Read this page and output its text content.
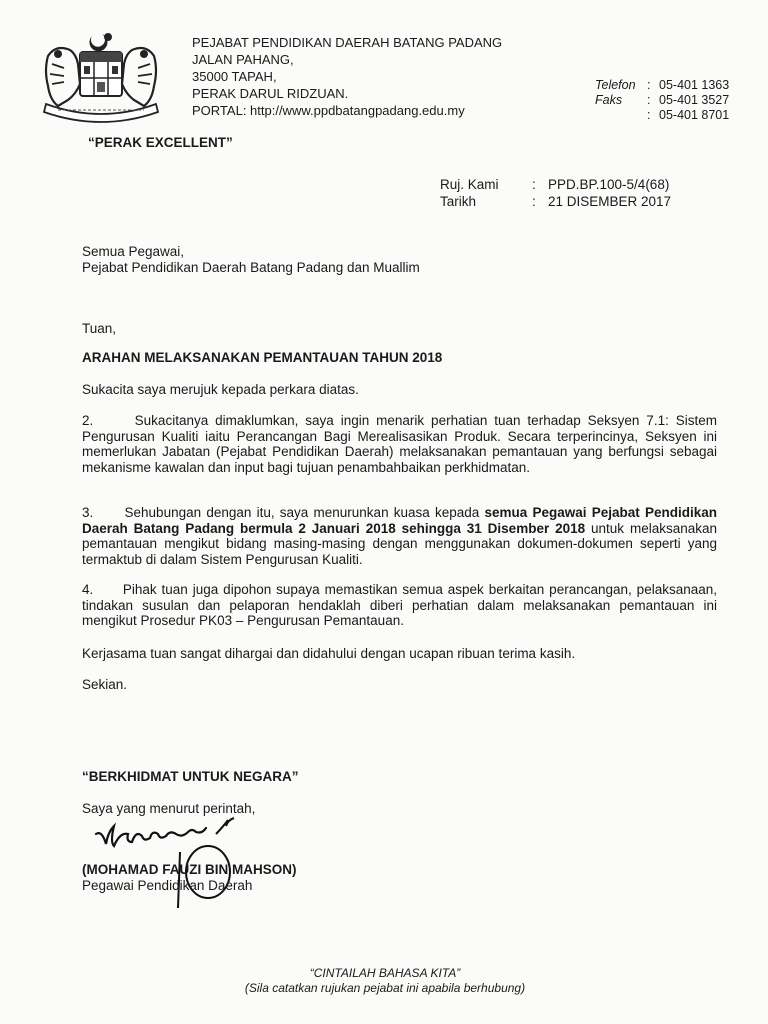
PEJABAT PENDIDIKAN DAERAH BATANG PADANG
JALAN PAHANG,
35000 TAPAH,
PERAK DARUL RIDZUAN.
PORTAL: http://www.ppdbatangpadang.edu.my
Telefon : 05-401 1363
Faks	: 05-401 3527
: 05-401 8701
“PERAK EXCELLENT”
Ruj. Kami	: PPD.BP.100-5/4(68)
Tarikh	: 21 DISEMBER 2017
Semua Pegawai,
Pejabat Pendidikan Daerah Batang Padang dan Muallim
Tuan,
ARAHAN MELAKSANAKAN PEMANTAUAN TAHUN 2018
Sukacita saya merujuk kepada perkara diatas.
2.      Sukacitanya dimaklumkan, saya ingin menarik perhatian tuan terhadap Seksyen 7.1: Sistem Pengurusan Kualiti iaitu Perancangan Bagi Merealisasikan Produk. Secara terperincinya, Seksyen ini memerlukan Jabatan (Pejabat Pendidikan Daerah) melaksanakan pemantauan yang berfungsi sebagai mekanisme kawalan dan input bagi tujuan penambahbaikan perkhidmatan.
3.      Sehubungan dengan itu, saya menurunkan kuasa kepada semua Pegawai Pejabat Pendidikan Daerah Batang Padang bermula 2 Januari 2018 sehingga 31 Disember 2018 untuk melaksanakan pemantauan mengikut bidang masing-masing dengan menggunakan dokumen-dokumen seperti yang termaktub di dalam Sistem Pengurusan Kualiti.
4.      Pihak tuan juga dipohon supaya memastikan semua aspek berkaitan perancangan, pelaksanaan, tindakan susulan dan pelaporan hendaklah diberi perhatian dalam melaksanakan pemantauan ini mengikut Prosedur PK03 – Pengurusan Pemantauan.
Kerjasama tuan sangat dihargai dan didahului dengan ucapan ribuan terima kasih.
Sekian.
“BERKHIDMAT UNTUK NEGARA”
Saya yang menurut perintah,
(MOHAMAD FAUZI BIN MAHSON)
Pegawai Pendidikan Daerah
“CINTAILAH BAHASA KITA”
(Sila catatkan rujukan pejabat ini apabila berhubung)
